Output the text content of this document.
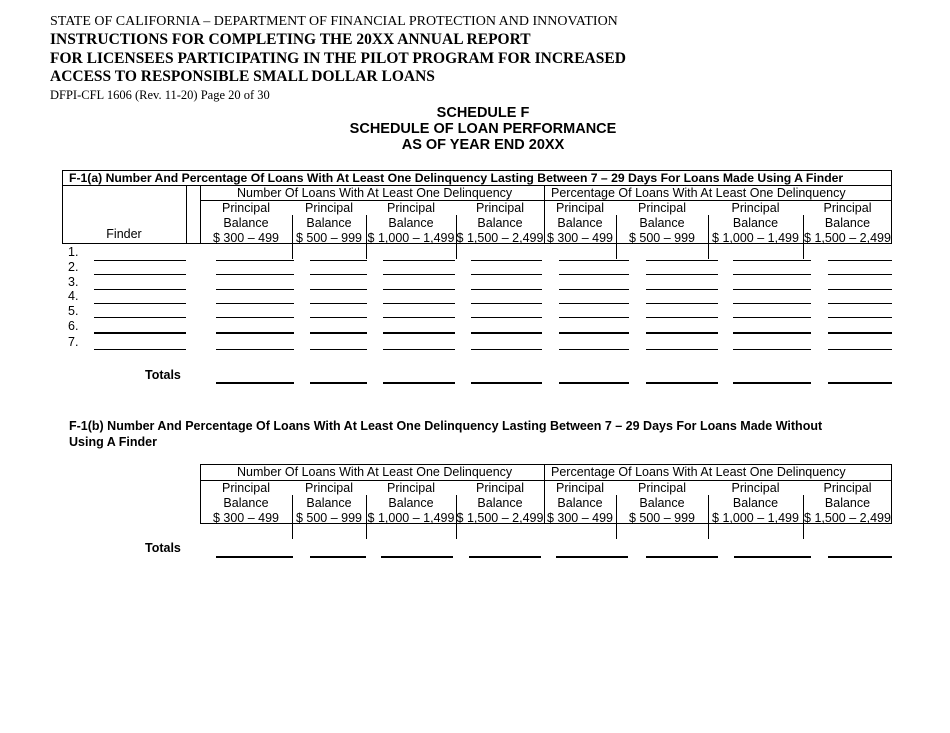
STATE OF CALIFORNIA – DEPARTMENT OF FINANCIAL PROTECTION AND INNOVATION
INSTRUCTIONS FOR COMPLETING THE 20XX ANNUAL REPORT
FOR LICENSEES PARTICIPATING IN THE PILOT PROGRAM FOR INCREASED
ACCESS TO RESPONSIBLE SMALL DOLLAR LOANS
DFPI-CFL 1606 (Rev. 11-20) Page 20 of 30
SCHEDULE F
SCHEDULE OF LOAN PERFORMANCE
AS OF YEAR END 20XX
F-1(a) Number And Percentage Of Loans With At Least One Delinquency Lasting Between 7 – 29 Days For Loans Made Using A Finder
Number Of Loans With At Least One Delinquency	Percentage Of Loans With At Least One Delinquency
Finder
Principal
Balance
$ 300 – 499
Principal
Balance
$ 500 – 999
Principal
Balance
$ 1,000 – 1,499
Principal
Balance
$ 1,500 – 2,499
Principal
Balance
$ 300 – 499
Principal
Balance
$ 500 – 999
Principal
Balance
$ 1,000 – 1,499
Principal
Balance
$ 1,500 – 2,499
1.
2.
3.
4.
5.
6.
7.
Totals
F-1(b) Number And Percentage Of Loans With At Least One Delinquency Lasting Between 7 – 29 Days For Loans Made Without Using A Finder
Number Of Loans With At Least One Delinquency	Percentage Of Loans With At Least One Delinquency
Principal
Balance
$ 300 – 499
Principal
Balance
$ 500 – 999
Principal
Balance
$ 1,000 – 1,499
Principal
Balance
$ 1,500 – 2,499
Principal
Balance
$ 300 – 499
Principal
Balance
$ 500 – 999
Principal
Balance
$ 1,000 – 1,499
Principal
Balance
$ 1,500 – 2,499
Totals
